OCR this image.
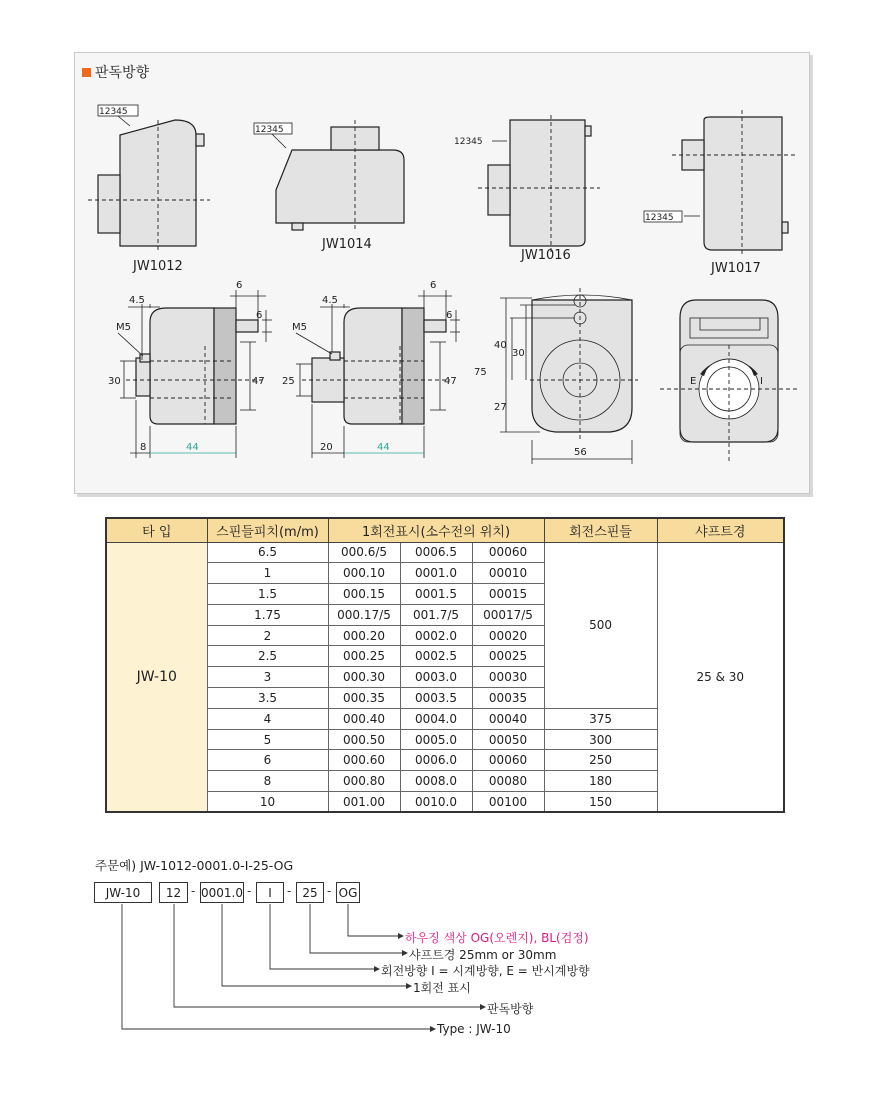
판독방향
12345
JW1012
12345
JW1014
12345
JW1016
12345
JW1017
4.5
M5
30
6
6
47
8	44
4.5
M5
25
6
6
47
20	44
75
40
30
27
56
E	I
타 입	스핀들피치(m/m)	1회전표시(소수전의 위치)			회전스핀들	샤프트경
JW-10	6.5	000.6/5	0006.5	00060	500	25 & 30
	1	000.10	0001.0	00010		
	1.5	000.15	0001.5	00015		
	1.75	000.17/5	001.7/5	00017/5		
	2	000.20	0002.0	00020		
	2.5	000.25	0002.5	00025		
	3	000.30	0003.0	00030		
	3.5	000.35	0003.5	00035		
	4	000.40	0004.0	00040	375	
	5	000.50	0005.0	00050	300	
	6	000.60	0006.0	00060	250	
	8	000.80	0008.0	00080	180	
	10	001.00	0010.0	00100	150	
주문예) JW-1012-0001.0-I-25-OG
JW-10	12 - 0001.0 -	I	- 25 - OG
하우징 색상 OG(오렌지), BL(검정)
샤프트경 25mm or 30mm
회전방향 I = 시계방향, E = 반시계방향
1회전 표시
판독방향
Type : JW-10
